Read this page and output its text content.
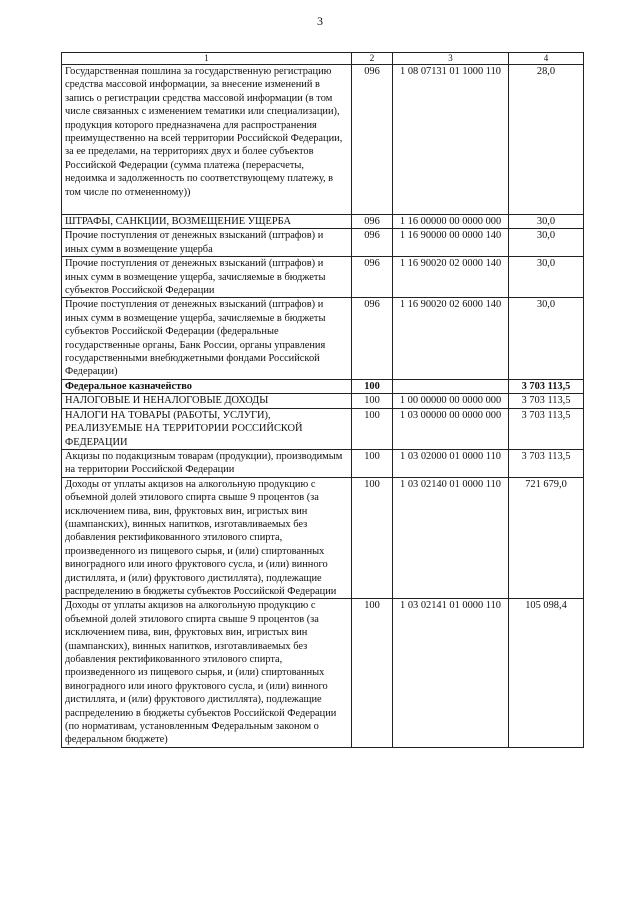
3
1	2	3	4
Государственная пошлина за государственную регистрацию средства массовой информации, за внесение изменений в запись о регистрации средства массовой информации (в том числе связанных с изменением тематики или специализации), продукция которого предназначена для распространения преимущественно на всей территории Российской Федерации, за ее пределами, на территориях двух и более субъектов Российской Федерации (сумма платежа (перерасчеты, недоимка и задолженность по соответствующему платежу, в том числе по отмененному))	096	1 08 07131 01 1000 110	28,0
ШТРАФЫ, САНКЦИИ, ВОЗМЕЩЕНИЕ УЩЕРБА	096	1 16 00000 00 0000 000	30,0
Прочие поступления от денежных взысканий (штрафов) и иных сумм в возмещение ущерба	096	1 16 90000 00 0000 140	30,0
Прочие поступления от денежных взысканий (штрафов) и иных сумм в возмещение ущерба, зачисляемые в бюджеты субъектов Российской Федерации	096	1 16 90020 02 0000 140	30,0
Прочие поступления от денежных взысканий (штрафов) и иных сумм в возмещение ущерба, зачисляемые в бюджеты субъектов Российской Федерации (федеральные государственные органы, Банк России, органы управления государственными внебюджетными фондами Российской Федерации)	096	1 16 90020 02 6000 140	30,0
Федеральное казначейство	100		3 703 113,5
НАЛОГОВЫЕ И НЕНАЛОГОВЫЕ ДОХОДЫ	100	1 00 00000 00 0000 000	3 703 113,5
НАЛОГИ НА ТОВАРЫ (РАБОТЫ, УСЛУГИ), РЕАЛИЗУЕМЫЕ НА ТЕРРИТОРИИ РОССИЙСКОЙ ФЕДЕРАЦИИ	100	1 03 00000 00 0000 000	3 703 113,5
Акцизы по подакцизным товарам (продукции), производимым на территории Российской Федерации	100	1 03 02000 01 0000 110	3 703 113,5
Доходы от уплаты акцизов на алкогольную продукцию с объемной долей этилового спирта свыше 9 процентов (за исключением пива, вин, фруктовых вин, игристых вин (шампанских), винных напитков, изготавливаемых без добавления ректификованного этилового спирта, произведенного из пищевого сырья, и (или) спиртованных виноградного или иного фруктового сусла, и (или) винного дистиллята, и (или) фруктового дистиллята), подлежащие распределению в бюджеты субъектов Российской Федерации	100	1 03 02140 01 0000 110	721 679,0
Доходы от уплаты акцизов на алкогольную продукцию с объемной долей этилового спирта свыше 9 процентов (за исключением пива, вин, фруктовых вин, игристых вин (шампанских), винных напитков, изготавливаемых без добавления ректификованного этилового спирта, произведенного из пищевого сырья, и (или) спиртованных виноградного или иного фруктового сусла, и (или) винного дистиллята, и (или) фруктового дистиллята), подлежащие распределению в бюджеты субъектов Российской Федерации (по нормативам, установленным Федеральным законом о федеральном бюджете)	100	1 03 02141 01 0000 110	105 098,4
